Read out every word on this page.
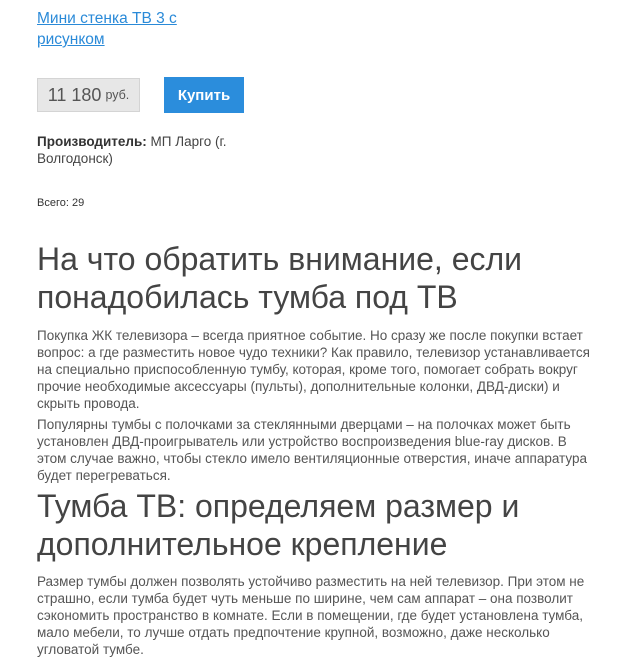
Мини стенка ТВ 3 с рисунком
11 180 руб.	Купить
Производитель: МП Ларго (г. Волгодонск)
Всего: 29
На что обратить внимание, если понадобилась тумба под ТВ

Покупка ЖК телевизора – всегда приятное событие. Но сразу же после покупки встает вопрос: а где разместить новое чудо техники? Как правило, телевизор устанавливается на специально приспособленную тумбу, которая, кроме того, помогает собрать вокруг прочие необходимые аксессуары (пульты), дополнительные колонки, ДВД-диски) и скрыть провода.

Популярны тумбы с полочками за стеклянными дверцами – на полочках может быть установлен ДВД-проигрыватель или устройство воспроизведения blue-ray дисков. В этом случае важно, чтобы стекло имело вентиляционные отверстия, иначе аппаратура будет перегреваться.

Тумба ТВ: определяем размер и дополнительное крепление

Размер тумбы должен позволять устойчиво разместить на ней телевизор. При этом не страшно, если тумба будет чуть меньше по ширине, чем сам аппарат – она позволит сэкономить пространство в комнате. Если в помещении, где будет установлена тумба, мало мебели, то лучше отдать предпочтение крупной, возможно, даже несколько угловатой тумбе.
